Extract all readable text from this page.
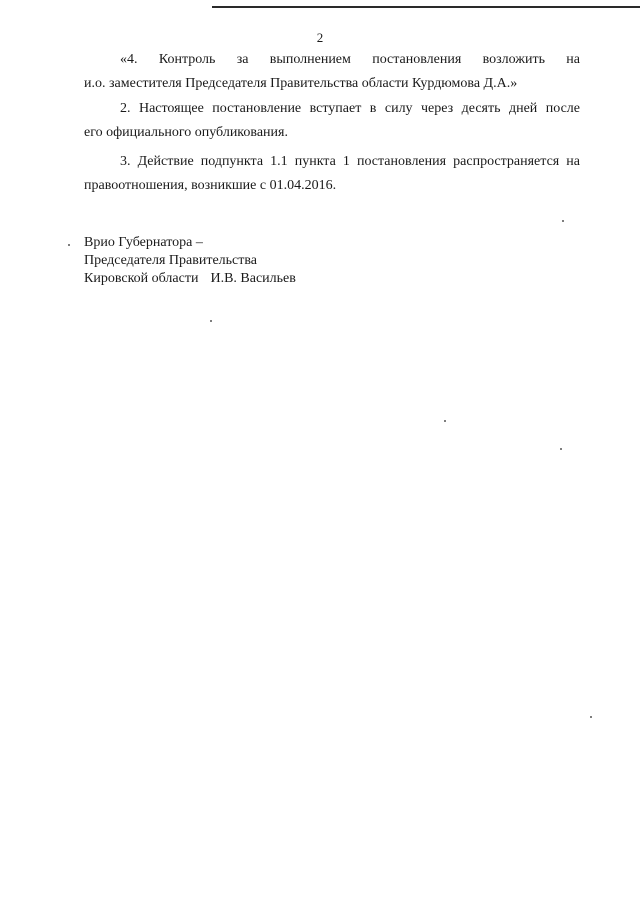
2

«4. Контроль за выполнением постановления возложить на
и.о. заместителя Председателя Правительства области Курдюмова Д.А.»

2. Настоящее постановление вступает в силу через десять дней после
его официального опубликования.

3. Действие подпункта 1.1 пункта 1 постановления распространяется на
правоотношения, возникшие с 01.04.2016.

Врио Губернатора –
Председателя Правительства
Кировской области И.В. Васильев
